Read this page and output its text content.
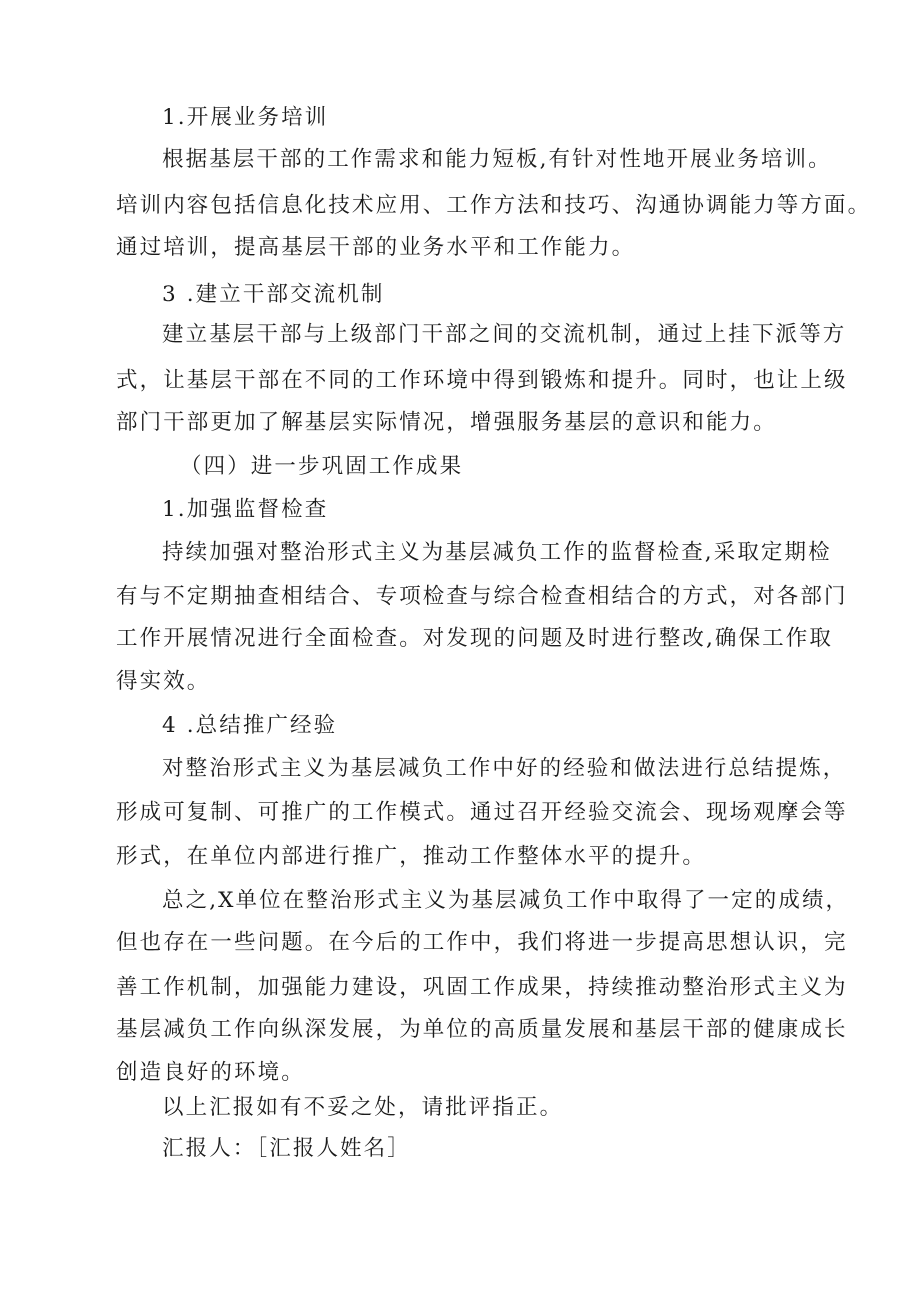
1.开展业务培训
根据基层干部的工作需求和能力短板,有针对性地开展业务培训。
培训内容包括信息化技术应用、工作方法和技巧、沟通协调能力等方面。
通过培训，提高基层干部的业务水平和工作能力。
3 .建立干部交流机制
建立基层干部与上级部门干部之间的交流机制，通过上挂下派等方
式，让基层干部在不同的工作环境中得到锻炼和提升。同时，也让上级
部门干部更加了解基层实际情况，增强服务基层的意识和能力。
（四）进一步巩固工作成果
1.加强监督检查
持续加强对整治形式主义为基层减负工作的监督检查,采取定期检
有与不定期抽查相结合、专项检查与综合检查相结合的方式，对各部门
工作开展情况进行全面检查。对发现的问题及时进行整改,确保工作取
得实效。
4 .总结推广经验
对整治形式主义为基层减负工作中好的经验和做法进行总结提炼，
形成可复制、可推广的工作模式。通过召开经验交流会、现场观摩会等
形式，在单位内部进行推广，推动工作整体水平的提升。
总之,X单位在整治形式主义为基层减负工作中取得了一定的成绩，
但也存在一些问题。在今后的工作中，我们将进一步提高思想认识，完
善工作机制，加强能力建设，巩固工作成果，持续推动整治形式主义为
基层减负工作向纵深发展，为单位的高质量发展和基层干部的健康成长
创造良好的环境。
以上汇报如有不妥之处，请批评指正。
汇报人：［汇报人姓名］
